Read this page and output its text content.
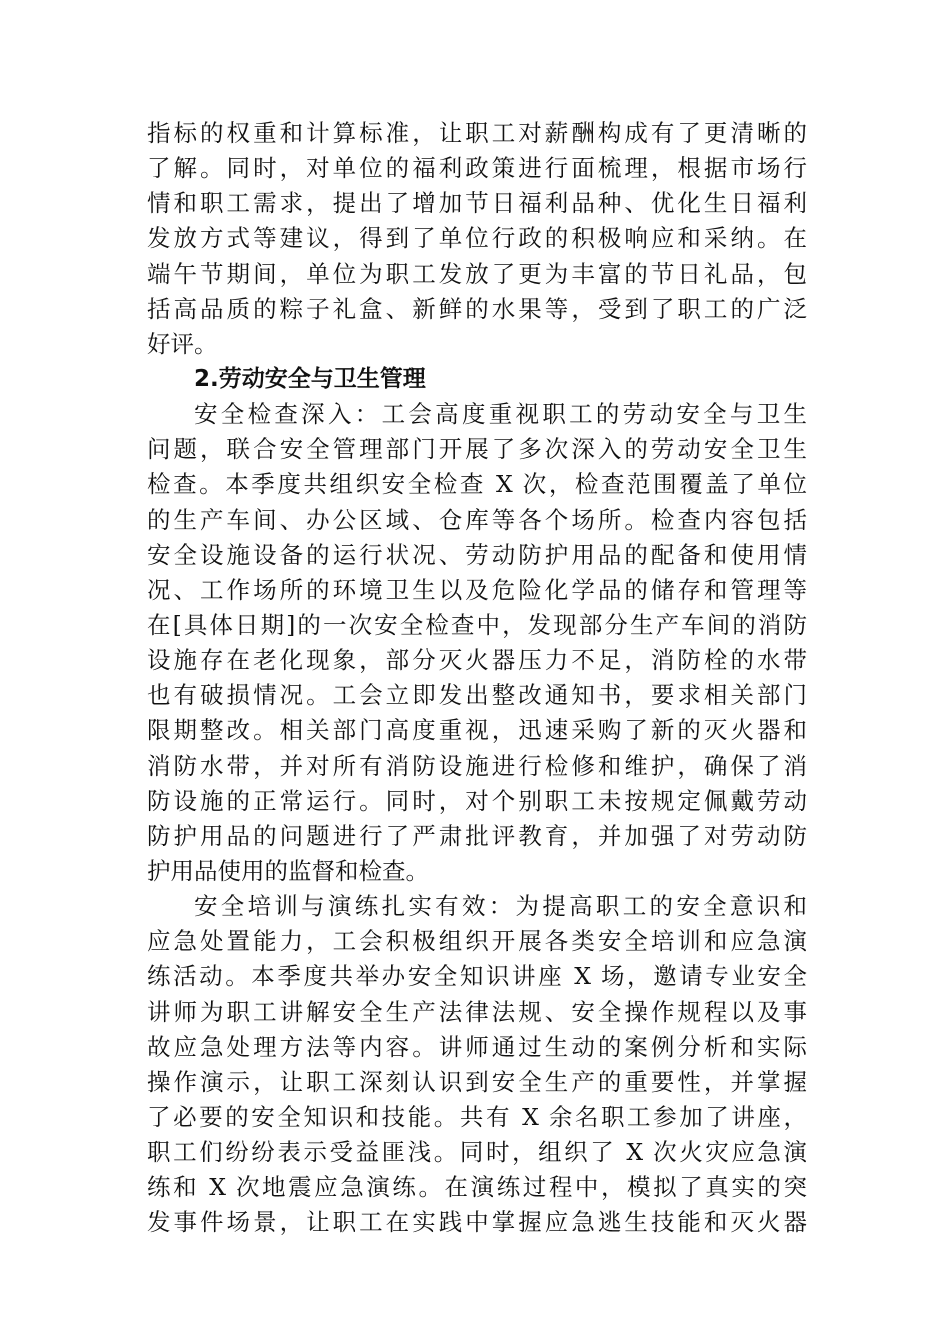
指标的权重和计算标准，让职工对薪酬构成有了更清晰的
了解。同时，对单位的福利政策进行面梳理，根据市场行
情和职工需求，提出了增加节日福利品种、优化生日福利
发放方式等建议，得到了单位行政的积极响应和采纳。在
端午节期间，单位为职工发放了更为丰富的节日礼品，包
括高品质的粽子礼盒、新鲜的水果等，受到了职工的广泛
好评。
2.劳动安全与卫生管理
安全检查深入：工会高度重视职工的劳动安全与卫生
问题，联合安全管理部门开展了多次深入的劳动安全卫生
检查。本季度共组织安全检查 X 次，检查范围覆盖了单位
的生产车间、办公区域、仓库等各个场所。检查内容包括
安全设施设备的运行状况、劳动防护用品的配备和使用情
况、工作场所的环境卫生以及危险化学品的储存和管理等
在[具体日期]的一次安全检查中，发现部分生产车间的消防
设施存在老化现象，部分灭火器压力不足，消防栓的水带
也有破损情况。工会立即发出整改通知书，要求相关部门
限期整改。相关部门高度重视，迅速采购了新的灭火器和
消防水带，并对所有消防设施进行检修和维护，确保了消
防设施的正常运行。同时，对个别职工未按规定佩戴劳动
防护用品的问题进行了严肃批评教育，并加强了对劳动防
护用品使用的监督和检查。
安全培训与演练扎实有效：为提高职工的安全意识和
应急处置能力，工会积极组织开展各类安全培训和应急演
练活动。本季度共举办安全知识讲座 X 场，邀请专业安全
讲师为职工讲解安全生产法律法规、安全操作规程以及事
故应急处理方法等内容。讲师通过生动的案例分析和实际
操作演示，让职工深刻认识到安全生产的重要性，并掌握
了必要的安全知识和技能。共有 X 余名职工参加了讲座，
职工们纷纷表示受益匪浅。同时，组织了 X 次火灾应急演
练和 X 次地震应急演练。在演练过程中，模拟了真实的突
发事件场景，让职工在实践中掌握应急逃生技能和灭火器
